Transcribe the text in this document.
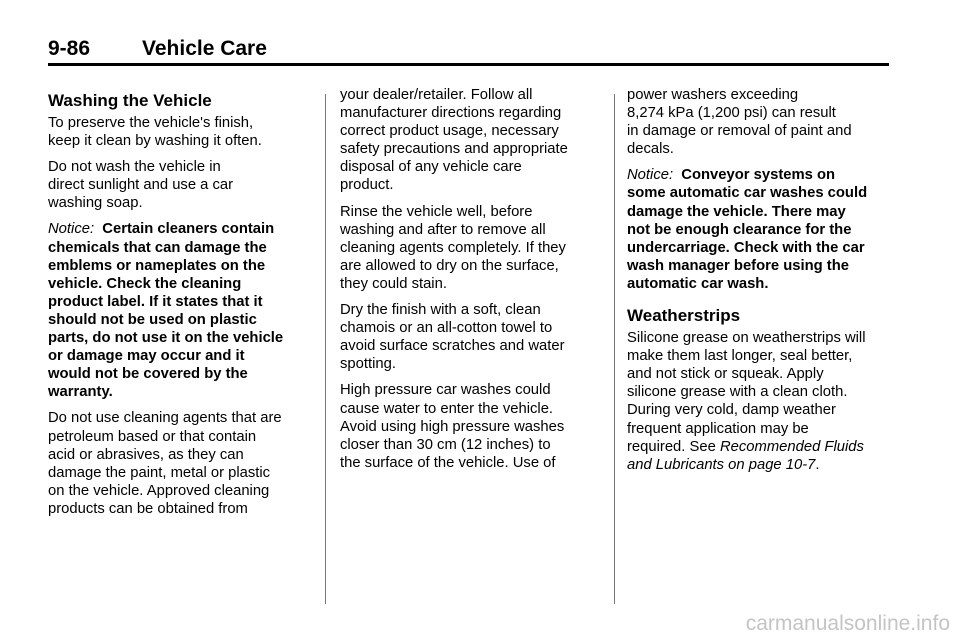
9-86 Vehicle Care
Washing the Vehicle
To preserve the vehicle's finish,
keep it clean by washing it often.
Do not wash the vehicle in
direct sunlight and use a car
washing soap.
Notice: Certain cleaners contain
chemicals that can damage the
emblems or nameplates on the
vehicle. Check the cleaning
product label. If it states that it
should not be used on plastic
parts, do not use it on the vehicle
or damage may occur and it
would not be covered by the
warranty.
Do not use cleaning agents that are
petroleum based or that contain
acid or abrasives, as they can
damage the paint, metal or plastic
on the vehicle. Approved cleaning
products can be obtained from
your dealer/retailer. Follow all
manufacturer directions regarding
correct product usage, necessary
safety precautions and appropriate
disposal of any vehicle care
product.
Rinse the vehicle well, before
washing and after to remove all
cleaning agents completely. If they
are allowed to dry on the surface,
they could stain.
Dry the finish with a soft, clean
chamois or an all-cotton towel to
avoid surface scratches and water
spotting.
High pressure car washes could
cause water to enter the vehicle.
Avoid using high pressure washes
closer than 30 cm (12 inches) to
the surface of the vehicle. Use of
power washers exceeding
8,274 kPa (1,200 psi) can result
in damage or removal of paint and
decals.
Notice: Conveyor systems on
some automatic car washes could
damage the vehicle. There may
not be enough clearance for the
undercarriage. Check with the car
wash manager before using the
automatic car wash.
Weatherstrips
Silicone grease on weatherstrips will
make them last longer, seal better,
and not stick or squeak. Apply
silicone grease with a clean cloth.
During very cold, damp weather
frequent application may be
required. See Recommended Fluids
and Lubricants on page 10-7.
carmanualsonline.info
